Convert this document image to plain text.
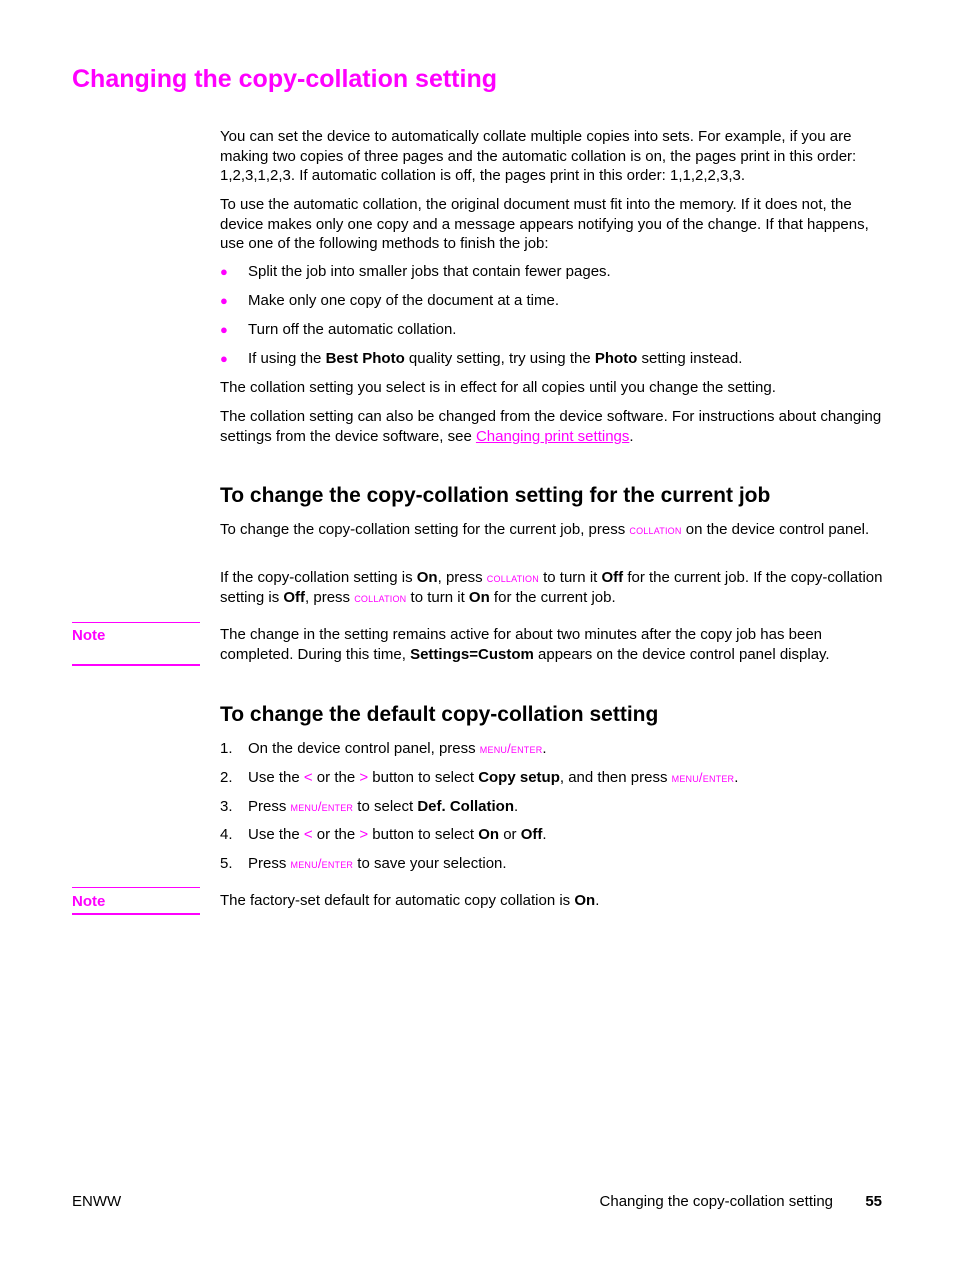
Changing the copy-collation setting

You can set the device to automatically collate multiple copies into sets. For example, if you are making two copies of three pages and the automatic collation is on, the pages print in this order: 1,2,3,1,2,3. If automatic collation is off, the pages print in this order: 1,1,2,2,3,3.

To use the automatic collation, the original document must fit into the memory. If it does not, the device makes only one copy and a message appears notifying you of the change. If that happens, use one of the following methods to finish the job:

● Split the job into smaller jobs that contain fewer pages.
● Make only one copy of the document at a time.
● Turn off the automatic collation.
● If using the Best Photo quality setting, try using the Photo setting instead.

The collation setting you select is in effect for all copies until you change the setting.

The collation setting can also be changed from the device software. For instructions about changing settings from the device software, see Changing print settings.

To change the copy-collation setting for the current job

To change the copy-collation setting for the current job, press collation on the device control panel.

If the copy-collation setting is On, press collation to turn it Off for the current job. If the copy-collation setting is Off, press collation to turn it On for the current job.

Note	The change in the setting remains active for about two minutes after the copy job has been completed. During this time, Settings=Custom appears on the device control panel display.

To change the default copy-collation setting
1. On the device control panel, press menu/enter.
2. Use the < or the > button to select Copy setup, and then press menu/enter.
3. Press menu/enter to select Def. Collation.
4. Use the < or the > button to select On or Off.
5. Press menu/enter to save your selection.
Note	The factory-set default for automatic copy collation is On.

ENWW	Changing the copy-collation setting 55
